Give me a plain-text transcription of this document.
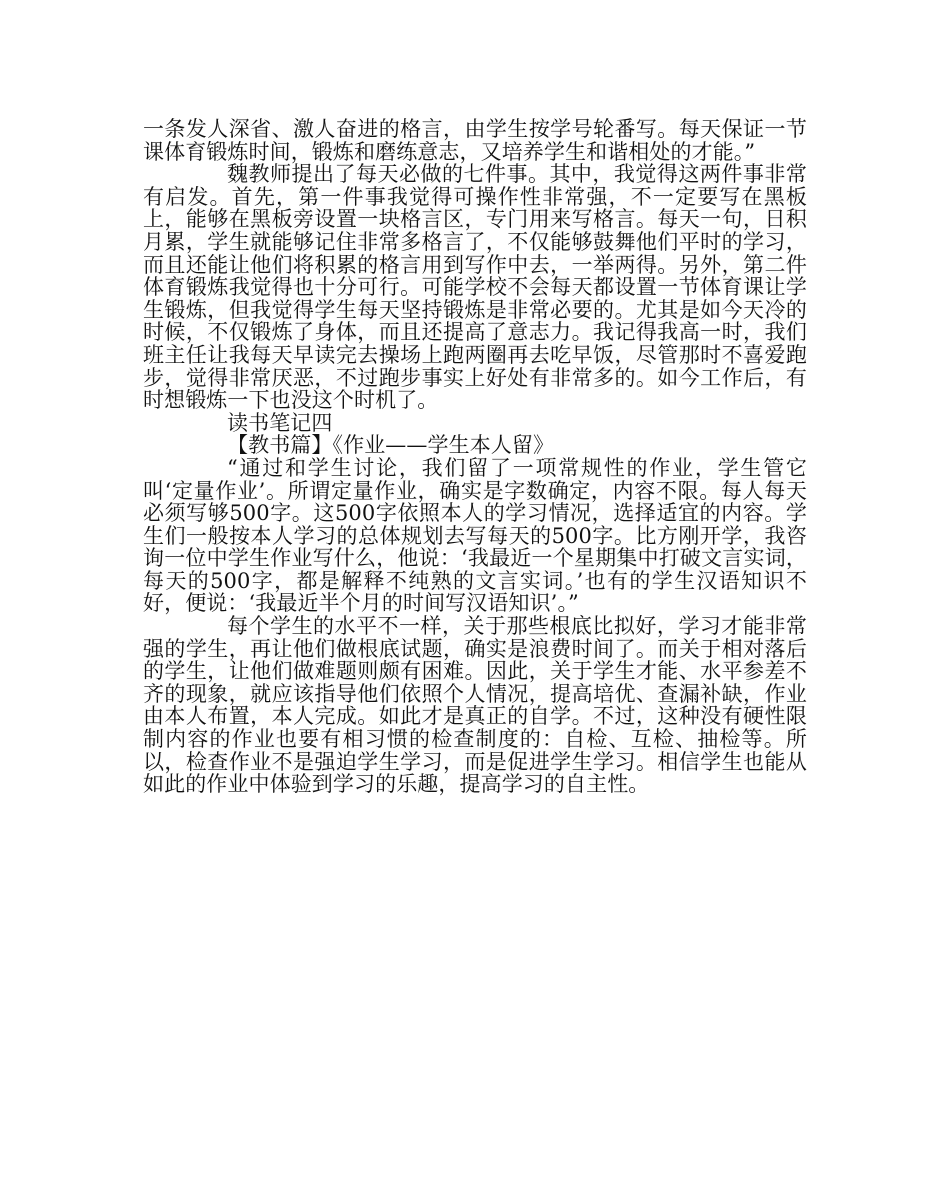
一条发人深省、激人奋进的格言，由学生按学号轮番写。每天保证一节课体育锻炼时间，锻炼和磨练意志，又培养学生和谐相处的才能。”

魏教师提出了每天必做的七件事。其中，我觉得这两件事非常有启发。首先，第一件事我觉得可操作性非常强，不一定要写在黑板上，能够在黑板旁设置一块格言区，专门用来写格言。每天一句，日积月累，学生就能够记住非常多格言了，不仅能够鼓舞他们平时的学习，而且还能让他们将积累的格言用到写作中去，一举两得。另外，第二件体育锻炼我觉得也十分可行。可能学校不会每天都设置一节体育课让学生锻炼，但我觉得学生每天坚持锻炼是非常必要的。尤其是如今天冷的时候，不仅锻炼了身体，而且还提高了意志力。我记得我高一时，我们班主任让我每天早读完去操场上跑两圈再去吃早饭，尽管那时不喜爱跑步，觉得非常厌恶，不过跑步事实上好处有非常多的。如今工作后，有时想锻炼一下也没这个时机了。

读书笔记四

【教书篇】《作业——学生本人留》

“通过和学生讨论，我们留了一项常规性的作业，学生管它叫‘定量作业’。所谓定量作业，确实是字数确定，内容不限。每人每天必须写够500字。这500字依照本人的学习情况，选择适宜的内容。学生们一般按本人学习的总体规划去写每天的500字。比方刚开学，我咨询一位中学生作业写什么，他说：‘我最近一个星期集中打破文言实词，每天的500字，都是解释不纯熟的文言实词。’也有的学生汉语知识不好，便说：‘我最近半个月的时间写汉语知识’。”

每个学生的水平不一样，关于那些根底比拟好，学习才能非常强的学生，再让他们做根底试题，确实是浪费时间了。而关于相对落后的学生，让他们做难题则颇有困难。因此，关于学生才能、水平参差不齐的现象，就应该指导他们依照个人情况，提高培优、查漏补缺，作业由本人布置，本人完成。如此才是真正的自学。不过，这种没有硬性限制内容的作业也要有相习惯的检查制度的：自检、互检、抽检等。所以，检查作业不是强迫学生学习，而是促进学生学习。相信学生也能从如此的作业中体验到学习的乐趣，提高学习的自主性。
